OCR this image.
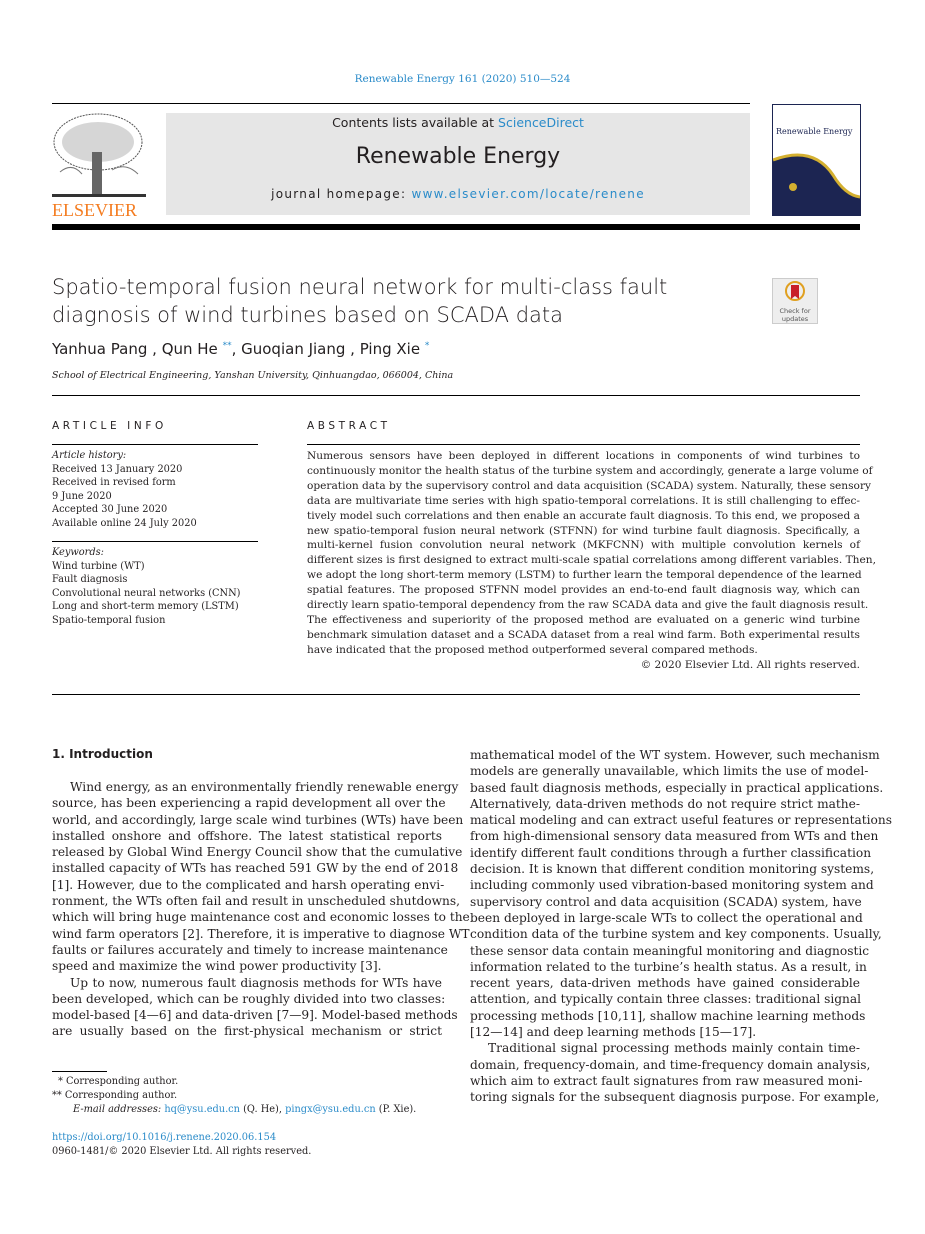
Renewable Energy 161 (2020) 510—524
ELSEVIER
Contents lists available at ScienceDirect
Renewable Energy
journal homepage: www.elsevier.com/locate/renene
Renewable Energy
Spatio-temporal fusion neural network for multi-class fault diagnosis of wind turbines based on SCADA data	Check for updates
Yanhua Pang , Qun He **, Guoqian Jiang , Ping Xie *
School of Electrical Engineering, Yanshan University, Qinhuangdao, 066004, China
ARTICLE INFO	ABSTRACT
Article history:
Received 13 January 2020
Received in revised form
9 June 2020
Accepted 30 June 2020
Available online 24 July 2020
Keywords:
Wind turbine (WT)
Fault diagnosis
Convolutional neural networks (CNN)
Long and short-term memory (LSTM)
Spatio-temporal fusion
Numerous sensors have been deployed in different locations in components of wind turbines to
continuously monitor the health status of the turbine system and accordingly, generate a large volume of
operation data by the supervisory control and data acquisition (SCADA) system. Naturally, these sensory
data are multivariate time series with high spatio-temporal correlations. It is still challenging to effec-
tively model such correlations and then enable an accurate fault diagnosis. To this end, we proposed a
new spatio-temporal fusion neural network (STFNN) for wind turbine fault diagnosis. Specifically, a
multi-kernel fusion convolution neural network (MKFCNN) with multiple convolution kernels of
different sizes is first designed to extract multi-scale spatial correlations among different variables. Then,
we adopt the long short-term memory (LSTM) to further learn the temporal dependence of the learned
spatial features. The proposed STFNN model provides an end-to-end fault diagnosis way, which can
directly learn spatio-temporal dependency from the raw SCADA data and give the fault diagnosis result.
The effectiveness and superiority of the proposed method are evaluated on a generic wind turbine
benchmark simulation dataset and a SCADA dataset from a real wind farm. Both experimental results
have indicated that the proposed method outperformed several compared methods.
© 2020 Elsevier Ltd. All rights reserved.
1. Introduction
Wind energy, as an environmentally friendly renewable energy
source, has been experiencing a rapid development all over the
world, and accordingly, large scale wind turbines (WTs) have been
installed onshore and offshore. The latest statistical reports
released by Global Wind Energy Council show that the cumulative
installed capacity of WTs has reached 591 GW by the end of 2018
[1]. However, due to the complicated and harsh operating envi-
ronment, the WTs often fail and result in unscheduled shutdowns,
which will bring huge maintenance cost and economic losses to the
wind farm operators [2]. Therefore, it is imperative to diagnose WT
faults or failures accurately and timely to increase maintenance
speed and maximize the wind power productivity [3].
Up to now, numerous fault diagnosis methods for WTs have
been developed, which can be roughly divided into two classes:
model-based [4—6] and data-driven [7—9]. Model-based methods
are usually based on the first-physical mechanism or strict
mathematical model of the WT system. However, such mechanism
models are generally unavailable, which limits the use of model-
based fault diagnosis methods, especially in practical applications.
Alternatively, data-driven methods do not require strict mathe-
matical modeling and can extract useful features or representations
from high-dimensional sensory data measured from WTs and then
identify different fault conditions through a further classification
decision. It is known that different condition monitoring systems,
including commonly used vibration-based monitoring system and
supervisory control and data acquisition (SCADA) system, have
been deployed in large-scale WTs to collect the operational and
condition data of the turbine system and key components. Usually,
these sensor data contain meaningful monitoring and diagnostic
information related to the turbine’s health status. As a result, in
recent years, data-driven methods have gained considerable
attention, and typically contain three classes: traditional signal
processing methods [10,11], shallow machine learning methods
[12—14] and deep learning methods [15—17].
Traditional signal processing methods mainly contain time-
domain, frequency-domain, and time-frequency domain analysis,
which aim to extract fault signatures from raw measured moni-
toring signals for the subsequent diagnosis purpose. For example,
* Corresponding author.
** Corresponding author.
E-mail addresses: hq@ysu.edu.cn (Q. He), pingx@ysu.edu.cn (P. Xie).
https://doi.org/10.1016/j.renene.2020.06.154
0960-1481/© 2020 Elsevier Ltd. All rights reserved.
